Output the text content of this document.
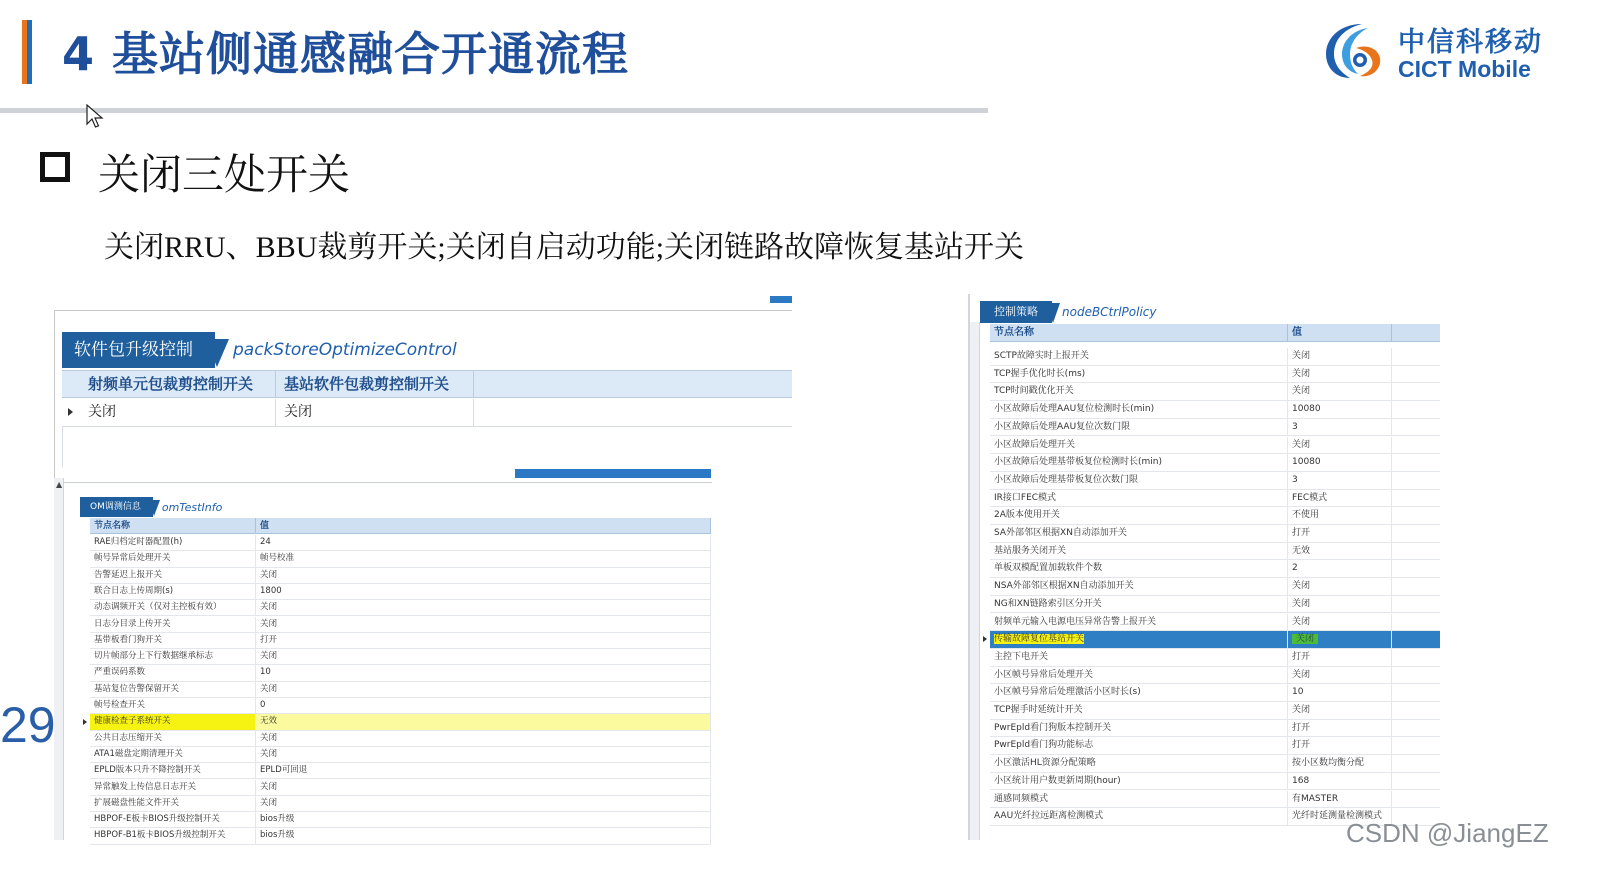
4 基站侧通感融合开通流程	中信科移动
CICT Mobile
关闭三处开关
关闭RRU、BBU裁剪开关;关闭自启动功能;关闭链路故障恢复基站开关
软件包升级控制	packStoreOptimizeControl
射频单元包裁剪控制开关	基站软件包裁剪控制开关
关闭	关闭
▲
OM调测信息	omTestInfo
节点名称	值
RAE归档定时器配置(h)	24
帧号异常后处理开关	帧号校准
告警延迟上报开关	关闭
联合日志上传周期(s)	1800
动态调频开关（仅对主控板有效）	关闭
日志分目录上传开关	关闭
基带板看门狗开关	打开
切片帧部分上下行数据继承标志	关闭
严重误码系数	10
基站复位告警保留开关	关闭
帧号检查开关	0
健康检查子系统开关	无效
公共日志压缩开关	关闭
ATA1磁盘定期清理开关	关闭
EPLD版本只升不降控制开关	EPLD可回退
异常触发上传信息日志开关	关闭
扩展磁盘性能文件开关	关闭
HBPOF-E板卡BIOS升级控制开关	bios升级
HBPOF-B1板卡BIOS升级控制开关	bios升级
29
控制策略	nodeBCtrlPolicy
节点名称	值
SCTP故障实时上报开关	关闭
TCP握手优化时长(ms)	关闭
TCP时间戳优化开关	关闭
小区故障后处理AAU复位检测时长(min)	10080
小区故障后处理AAU复位次数门限	3
小区故障后处理开关	关闭
小区故障后处理基带板复位检测时长(min)	10080
小区故障后处理基带板复位次数门限	3
IR接口FEC模式	FEC模式
2A版本使用开关	不使用
SA外部邻区根据XN自动添加开关	打开
基站服务关闭开关	无效
单板双模配置加载软件个数	2
NSA外部邻区根据XN自动添加开关	关闭
NG和XN链路索引区分开关	关闭
射频单元输入电源电压异常告警上报开关	关闭
传输故障复位基站开关	关闭
主控下电开关	打开
小区帧号异常后处理开关	关闭
小区帧号异常后处理激活小区时长(s)	10
TCP握手时延统计开关	关闭
PwrEpld看门狗版本控制开关	打开
PwrEpld看门狗功能标志	打开
小区激活HL资源分配策略	按小区数均衡分配
小区统计用户数更新周期(hour)	168
通感同频模式	有MASTER
AAU光纤拉远距离检测模式	光纤时延测量检测模式
CSDN @JiangEZ
